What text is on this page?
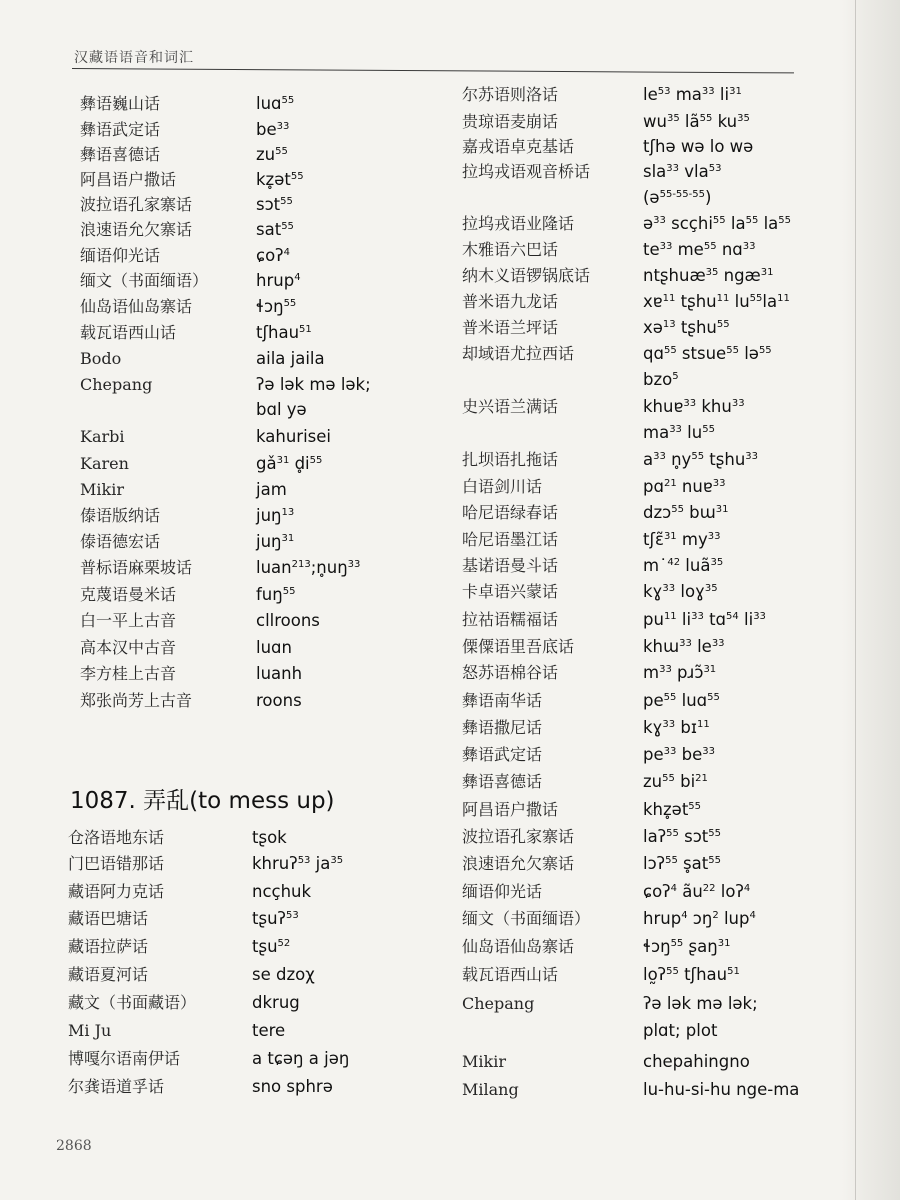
汉藏语语音和词汇
彝语巍山话	luɑ$^{55}$
彝语武定话	$be^{33}$
彝语喜德话	$zu^{55}$
阿昌语户撒话	kz̥ət$^{55}$
波拉语孔家寨话	sɔt$^{55}$
浪速语允欠寨话	sat$^{55}$
缅语仰光话	ɕoʔ$^4$
缅文（书面缅语）	hrup$^4$
仙岛语仙岛寨话	ɬɔŋ$^{55}$
载瓦语西山话	tʃhau$^{51}$
Bodo	aila jaila
Chepang	ʔə lək mə lək;
bɑl yə
Karbi	kahurisei
Karen	$gǎ^{31}$ $d̥i^{55}$
Mikir	jam
傣语版纳话	juŋ$^{13}$
傣语德宏话	juŋ$^{31}$
普标语麻栗坡话	$luan^{213};n̥uŋ^{33}$
克蔑语曼米话	fuŋ$^{55}$
白一平上古音	cllroons
高本汉中古音	luɑn
李方桂上古音	luanh
郑张尚芳上古音	roons
仓洛语地东话	tʂok
门巴语错那话	khruʔ$^{53}$ $ja^{35}$
藏语阿力克话	ncçhuk
藏语巴塘话	tʂuʔ$^{53}$
藏语拉萨话	tʂu$^{52}$
藏语夏河话	se dzoχ
藏文（书面藏语）	dkrug
Mi Ju	tere
博嘎尔语南伊话	a tɕəŋ a jəŋ
尔龚语道孚话	sno sphrə
尔苏语则洛话	$le^{53}$ $ma^{33}$ $li^{31}$
贵琼语麦崩话	$wu^{35}$ $lã^{55}$ $ku^{35}$
嘉戎语卓克基话	tʃhə wə lo wə
拉坞戎语观音桥话	sla$^{33}$ vla$^{53}$
(ə$^{55-55-55}$)
拉坞戎语业隆话	ə$^{33}$ scçhi$^{55}$ $la^{55}$ $la^{55}$
木雅语六巴话	$te^{33}$ $me^{55}$ nɑ$^{33}$
纳木义语锣锅底话	ntʂhuæ$^{35}$ ngæ$^{31}$
普米语九龙话	xɐ$^{11}$ tʂhu$^{11}$ $lu^{55}la^{11}$
普米语兰坪话	xə$^{13}$ tʂhu$^{55}$
却域语尤拉西话	qɑ$^{55}$ stsue$^{55}$ lə$^{55}$
bzo$^5$
史兴语兰满话	khuɐ$^{33}$ khu$^{33}$
$ma^{33}$ $lu^{55}$
扎坝语扎拖话	$a^{33}$ $n̥y^{55}$ tʂhu$^{33}$
白语剑川话	pɑ$^{21}$ nuɐ$^{33}$
哈尼语绿春话	dzɔ$^{55}$ bɯ$^{31}$
哈尼语墨江话	tʃɛ̃$^{31}$ $my^{33}$
基诺语曼斗话	m˙$^{42}$ luã$^{35}$
卡卓语兴蒙话	kɣ$^{33}$ loɣ$^{35}$
拉祜语糯福话	$pu^{11}$ $li^{33}$ tɑ$^{54}$ $li^{33}$
傈僳语里吾底话	khɯ$^{33}$ $le^{33}$
怒苏语棉谷话	$m^{33}$ pɹɔ̃$^{31}$
彝语南华话	$pe^{55}$ luɑ$^{55}$
彝语撒尼话	kɣ$^{33}$ bɪ$^{11}$
彝语武定话	$pe^{33}$ $be^{33}$
彝语喜德话	$zu^{55}$ $bi^{21}$
阿昌语户撒话	khz̥ət$^{55}$
波拉语孔家寨话	laʔ$^{55}$ sɔt$^{55}$
浪速语允欠寨话	lɔʔ$^{55}$ $s̥at^{55}$
缅语仰光话	ɕoʔ$^4$ $ãu^{22}$ loʔ$^4$
缅文（书面缅语）	hrup$^4$ ɔŋ$^2$ lup$^4$
仙岛语仙岛寨话	ɬɔŋ$^{55}$ ʂaŋ$^{31}$
载瓦语西山话	lo̰ʔ$^{55}$ tʃhau$^{51}$
Chepang	ʔə lək mə lək;
plɑt; plot
Mikir	chepahingno
Milang	lu-hu-si-hu nge-ma
1087. 弄乱(to mess up)
2868
